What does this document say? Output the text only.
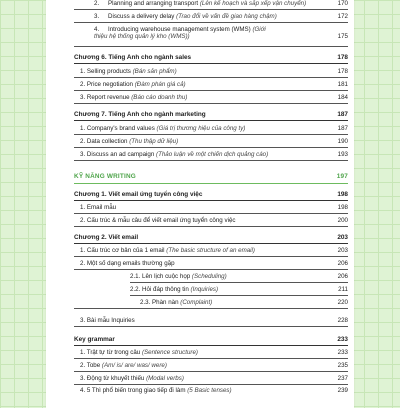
2. Planning and arranging transport (Lên kế hoạch và sắp xếp vận chuyển)	170
3. Discuss a delivery delay (Trao đổi về vấn đề giao hàng chậm)	172
4. Introducing warehouse management system (WMS) (Giới thiệu hệ thống quản lý kho (WMS))	175
Chương 6. Tiếng Anh cho ngành sales	178
1. Selling products (Bán sản phẩm)	178
2. Price negotiation (Đàm phán giá cả)	181
3. Report revenue (Báo cáo doanh thu)	184
Chương 7. Tiếng Anh cho ngành marketing	187
1. Company's brand values (Giá trị thương hiệu của công ty)	187
2. Data collection (Thu thập dữ liệu)	190
3. Discuss an ad campaign (Thảo luận về một chiến dịch quảng cáo)	193
KỸ NĂNG WRITING	197
Chương 1. Viết email ứng tuyển công việc	198
1. Email mẫu	198
2. Cấu trúc & mẫu câu để viết email ứng tuyển công việc	200
Chương 2. Viết email	203
1. Cấu trúc cơ bản của 1 email (The basic structure of an email)	203
2. Một số dạng emails thường gặp	206
2.1. Lên lịch cuộc họp (Scheduling)	206
2.2. Hỏi đáp thông tin (Inquiries)	211
2.3. Phàn nàn (Complaint)	220
3. Bài mẫu Inquiries	228
Key grammar	233
1. Trật tự từ trong câu (Sentence structure)	233
2. Tobe (Am/ is/ are/ was/ were)	235
3. Động từ khuyết thiếu (Modal verbs)	237
4. 5 Thì phổ biến trong giao tiếp đi làm (5 Basic tenses)	239
